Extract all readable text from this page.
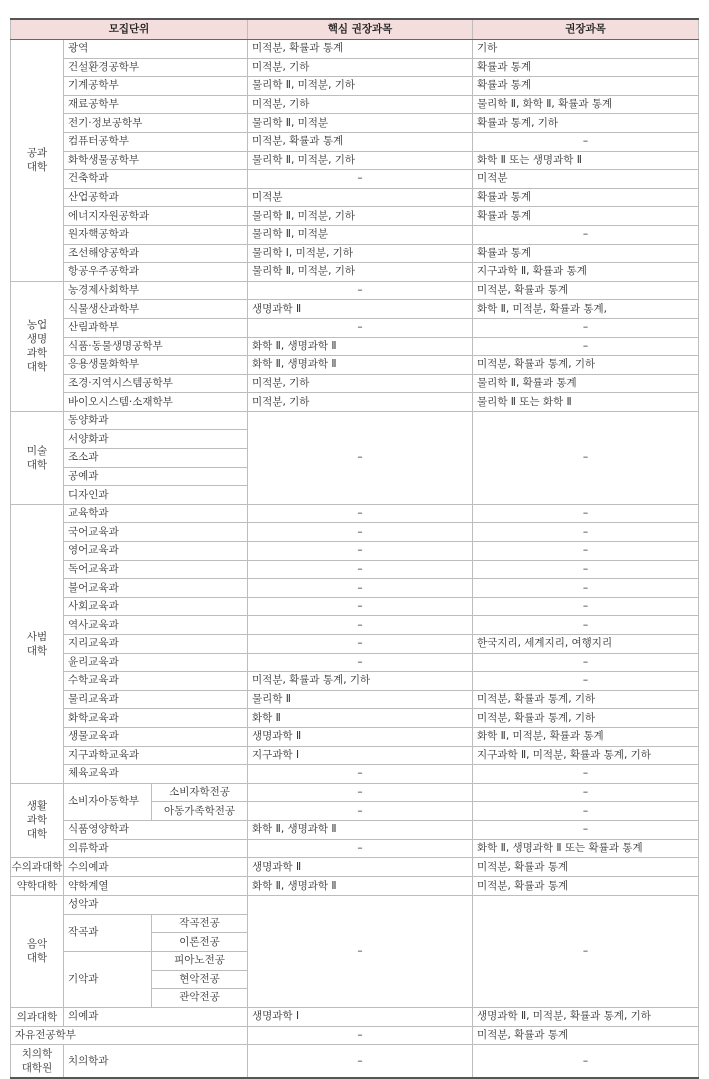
모집단위			핵심 권장과목	권장과목
공과
대학	광역		미적분, 확률과 통계	기하
	건설환경공학부		미적분, 기하	확률과 통계
	기계공학부		물리학 Ⅱ, 미적분, 기하	확률과 통계
	재료공학부		미적분, 기하	물리학 Ⅱ, 화학 Ⅱ, 확률과 통계
	전기·정보공학부		물리학 Ⅱ, 미적분	확률과 통계, 기하
	컴퓨터공학부		미적분, 확률과 통계	–
	화학생물공학부		물리학 Ⅱ, 미적분, 기하	화학 Ⅱ 또는 생명과학 Ⅱ
	건축학과		–	미적분
	산업공학과		미적분	확률과 통계
	에너지자원공학과		물리학 Ⅱ, 미적분, 기하	확률과 통계
	원자핵공학과		물리학 Ⅱ, 미적분	–
	조선해양공학과		물리학 Ⅰ, 미적분, 기하	확률과 통계
	항공우주공학과		물리학 Ⅱ, 미적분, 기하	지구과학 Ⅱ, 확률과 통계
농업
생명
과학
대학	농경제사회학부		–	미적분, 확률과 통계
	식물생산과학부		생명과학 Ⅱ	화학 Ⅱ, 미적분, 확률과 통계,
	산림과학부		–	–
	식품·동물생명공학부		화학 Ⅱ, 생명과학 Ⅱ	–
	응용생물화학부		화학 Ⅱ, 생명과학 Ⅱ	미적분, 확률과 통계, 기하
	조경·지역시스템공학부		미적분, 기하	물리학 Ⅱ, 확률과 통계
	바이오시스템·소재학부		미적분, 기하	물리학 Ⅱ 또는 화학 Ⅱ
미술
대학	동양화과		–	–
	서양화과			
	조소과			
	공예과			
	디자인과			
사범
대학	교육학과		–	–
	국어교육과		–	–
	영어교육과		–	–
	독어교육과		–	–
	불어교육과		–	–
	사회교육과		–	–
	역사교육과		–	–
	지리교육과		–	한국지리, 세계지리, 여행지리
	윤리교육과		–	–
	수학교육과		미적분, 확률과 통계, 기하	–
	물리교육과		물리학 Ⅱ	미적분, 확률과 통계, 기하
	화학교육과		화학 Ⅱ	미적분, 확률과 통계, 기하
	생물교육과		생명과학 Ⅱ	화학 Ⅱ, 미적분, 확률과 통계
	지구과학교육과		지구과학 Ⅰ	지구과학 Ⅱ, 미적분, 확률과 통계, 기하
	체육교육과		–	–
생활
과학
대학	소비자아동학부	소비자학전공	–	–
		아동가족학전공	–	–
	식품영양학과		화학 Ⅱ, 생명과학 Ⅱ	–
	의류학과		–	화학 Ⅱ, 생명과학 Ⅱ 또는 확률과 통계
수의과대학	수의예과		생명과학 Ⅱ	미적분, 확률과 통계
약학대학	약학계열		화학 Ⅱ, 생명과학 Ⅱ	미적분, 확률과 통계
음악
대학	성악과		–	–
	작곡과	작곡전공		
		이론전공		
	기악과	피아노전공		
		현악전공		
		관악전공		
의과대학	의예과		생명과학 Ⅰ	생명과학 Ⅱ, 미적분, 확률과 통계, 기하
자유전공학부			–	미적분, 확률과 통계
치의학
대학원	치의학과		–	–
